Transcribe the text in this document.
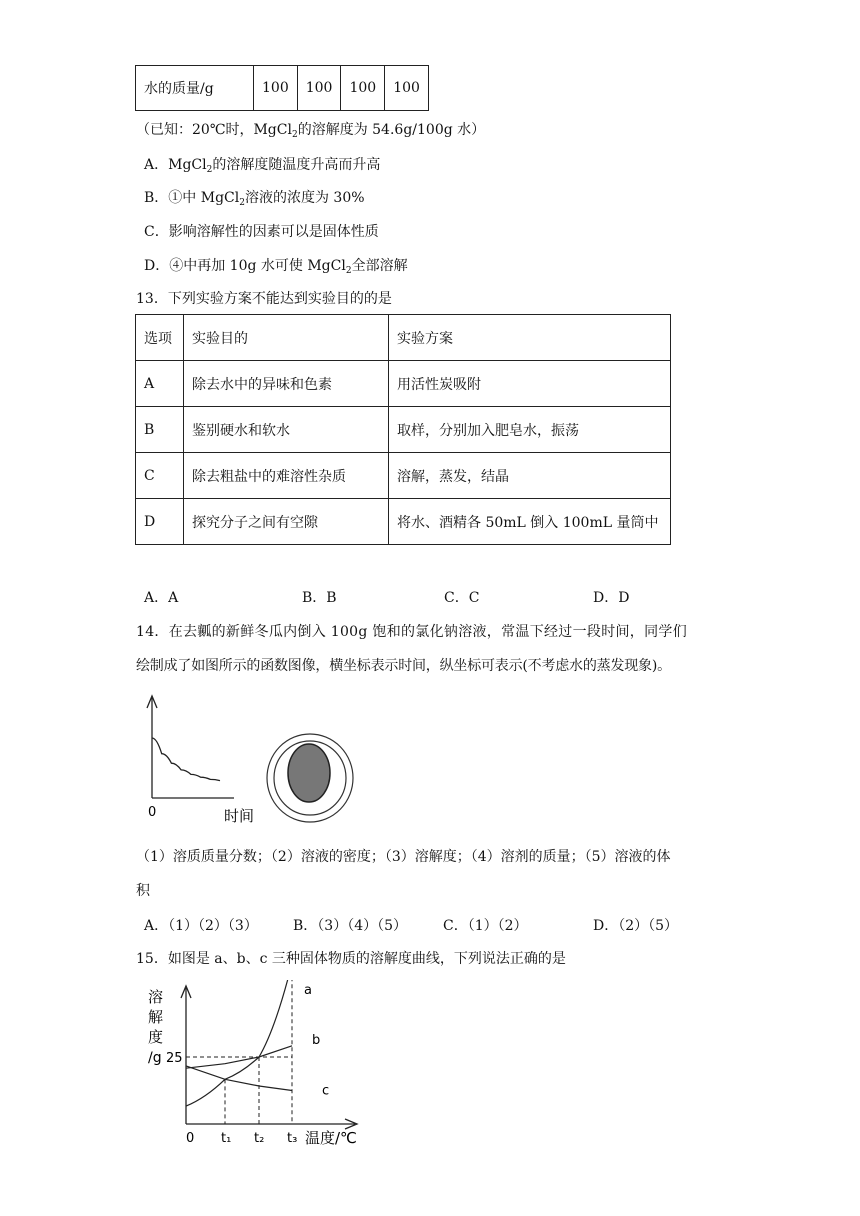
水的质量/g	100	100	100	100
（已知：20℃时，MgCl$_2$的溶解度为 54.6g/100g 水）
A．MgCl$_2$的溶解度随温度升高而升高
B．①中 MgCl$_2$溶液的浓度为 30%
C．影响溶解性的因素可以是固体性质
D．④中再加 10g 水可使 MgCl$_2$全部溶解
13．下列实验方案不能达到实验目的的是
选项	实验目的	实验方案
A	除去水中的异味和色素	用活性炭吸附
B	鉴别硬水和软水	取样，分别加入肥皂水，振荡
C	除去粗盐中的难溶性杂质	溶解，蒸发，结晶
D	探究分子之间有空隙	将水、酒精各 50mL 倒入 100mL 量筒中
A．A	B．B	C．C	D．D
14．在去瓤的新鲜冬瓜内倒入 100g 饱和的氯化钠溶液，常温下经过一段时间，同学们
绘制成了如图所示的函数图像，横坐标表示时间，纵坐标可表示(不考虑水的蒸发现象)。
0	时间
（1）溶质质量分数；（2）溶液的密度；（3）溶解度；（4）溶剂的质量；（5）溶液的体
积
A．（1）（2）（3）	B．（3）（4）（5）	C．（1）（2）	D．（2）（5）
15．如图是 a、b、c 三种固体物质的溶解度曲线，下列说法正确的是
溶
解
度
/g 25
0 t₁ t₂ t₃ 温度/℃
a
b
c
